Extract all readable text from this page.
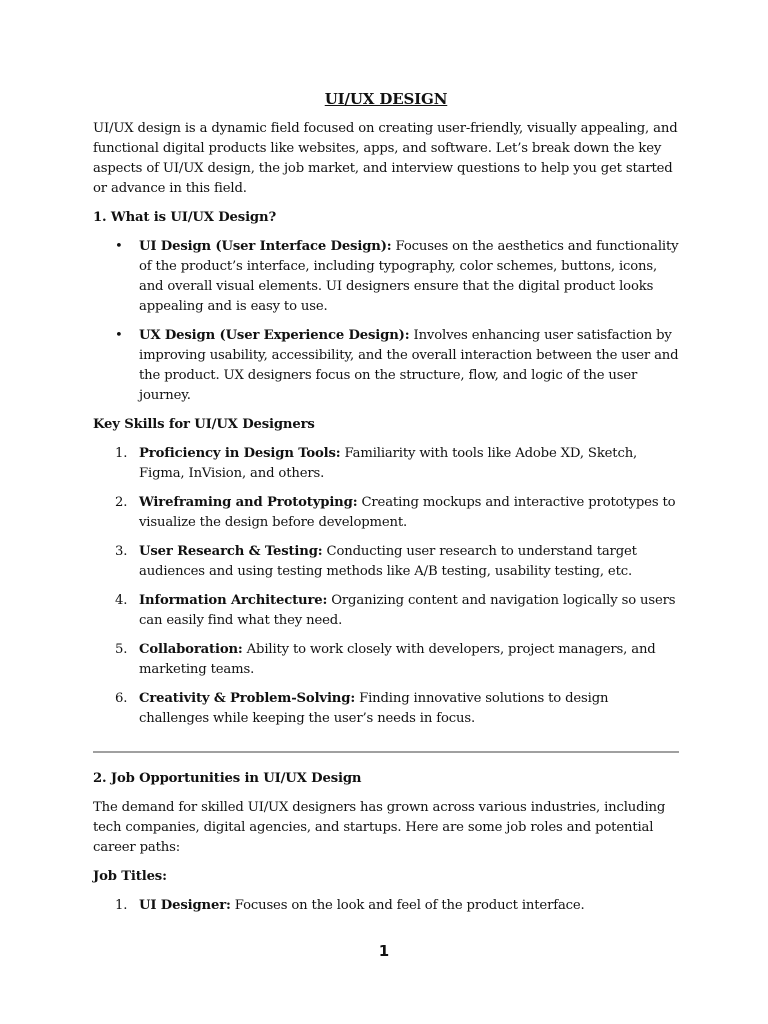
UI/UX DESIGN

UI/UX design is a dynamic field focused on creating user-friendly, visually appealing, and functional digital products like websites, apps, and software. Let’s break down the key aspects of UI/UX design, the job market, and interview questions to help you get started or advance in this field.

1. What is UI/UX Design?
• UI Design (User Interface Design): Focuses on the aesthetics and functionality of the product’s interface, including typography, color schemes, buttons, icons, and overall visual elements. UI designers ensure that the digital product looks appealing and is easy to use.
• UX Design (User Experience Design): Involves enhancing user satisfaction by improving usability, accessibility, and the overall interaction between the user and the product. UX designers focus on the structure, flow, and logic of the user journey.
Key Skills for UI/UX Designers
1. Proficiency in Design Tools: Familiarity with tools like Adobe XD, Sketch, Figma, InVision, and others.
2. Wireframing and Prototyping: Creating mockups and interactive prototypes to visualize the design before development.
3. User Research & Testing: Conducting user research to understand target audiences and using testing methods like A/B testing, usability testing, etc.
4. Information Architecture: Organizing content and navigation logically so users can easily find what they need.
5. Collaboration: Ability to work closely with developers, project managers, and marketing teams.
6. Creativity & Problem-Solving: Finding innovative solutions to design challenges while keeping the user’s needs in focus.
2. Job Opportunities in UI/UX Design

The demand for skilled UI/UX designers has grown across various industries, including tech companies, digital agencies, and startups. Here are some job roles and potential career paths:

Job Titles:
1. UI Designer: Focuses on the look and feel of the product interface.
1
